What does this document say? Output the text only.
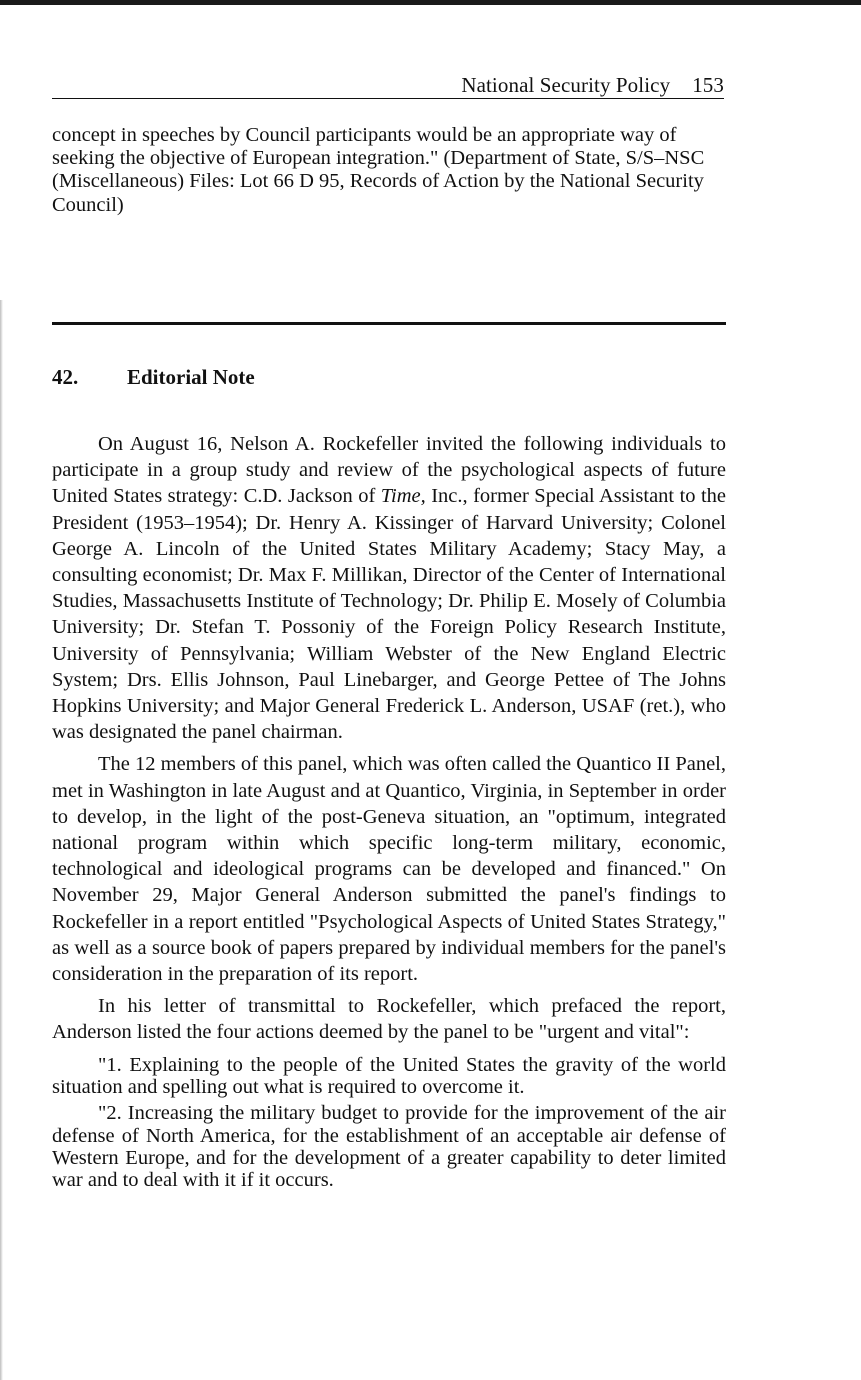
National Security Policy 153

concept in speeches by Council participants would be an appropriate way of seeking the objective of European integration." (Department of State, S/S–NSC (Miscellaneous) Files: Lot 66 D 95, Records of Action by the National Security Council)

42. Editorial Note

On August 16, Nelson A. Rockefeller invited the following individuals to participate in a group study and review of the psychological aspects of future United States strategy: C.D. Jackson of Time, Inc., former Special Assistant to the President (1953–1954); Dr. Henry A. Kissinger of Harvard University; Colonel George A. Lincoln of the United States Military Academy; Stacy May, a consulting economist; Dr. Max F. Millikan, Director of the Center of International Studies, Massachusetts Institute of Technology; Dr. Philip E. Mosely of Columbia University; Dr. Stefan T. Possoniy of the Foreign Policy Research Institute, University of Pennsylvania; William Webster of the New England Electric System; Drs. Ellis Johnson, Paul Linebarger, and George Pettee of The Johns Hopkins University; and Major General Frederick L. Anderson, USAF (ret.), who was designated the panel chairman.

The 12 members of this panel, which was often called the Quantico II Panel, met in Washington in late August and at Quantico, Virginia, in September in order to develop, in the light of the post-Geneva situation, an "optimum, integrated national program within which specific long-term military, economic, technological and ideological programs can be developed and financed." On November 29, Major General Anderson submitted the panel's findings to Rockefeller in a report entitled "Psychological Aspects of United States Strategy," as well as a source book of papers prepared by individual members for the panel's consideration in the preparation of its report.

In his letter of transmittal to Rockefeller, which prefaced the report, Anderson listed the four actions deemed by the panel to be "urgent and vital":

"1. Explaining to the people of the United States the gravity of the world situation and spelling out what is required to overcome it.

"2. Increasing the military budget to provide for the improvement of the air defense of North America, for the establishment of an acceptable air defense of Western Europe, and for the development of a greater capability to deter limited war and to deal with it if it occurs.
